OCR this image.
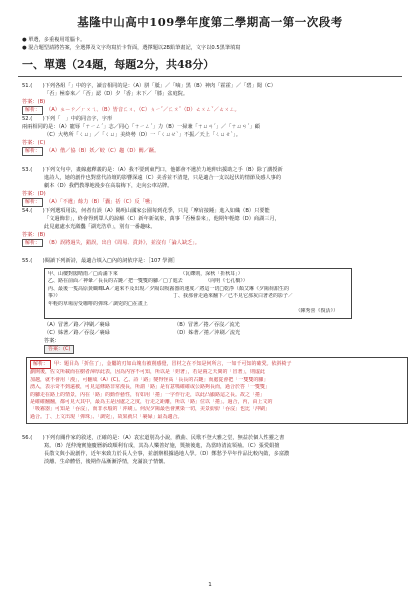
基隆中山高中109學年度第二學期高一第一次段考
● 單選，多重複用電腦卡。
● 混合題型請將答案，全選擇及文字均寫於卡背面，選擇題以2B鉛筆畫記，文字以0.5黑筆填寫
一、單選（24題，每題2分，共48分）
51.(　　)下列各組「」中的字，讀音相同的是：（A）胼「胝」／「嘀」黑（B）神肉「霍霍」／「碧」聞（C）
「否」極泰來／「否」認（D）夕「香」未下／「膝」盆庭院。
答案：(B)
解析： （A）ㄓ－ㄗ／ㄏㄨㄟ、（B）皆音ㄈㄨ、（C）ㄆㄧˇ／ㄈㄡˇ（D）ㄊㄨㄥˇ／ㄊㄨㄥ。
52.(　　)下列「　」中的同音字，字形
兩兩相同的是：（A）寵辱「ㄒㄧㄥˊ」志／同心「ㄒㄧㄥˊ」力（B）一掃兼「ㄒㄩㄢˊ」／「ㄒㄩㄢˊ」顧
（C）大勢所「ㄑㄩ」／「ㄑㄩ」美終勢（D）一「ㄑㄩㄝˋ」不振／天上「ㄑㄩㄝˋ」。
答案：(C)
解析： （A）偕／協（B）妖／蛟（C）趨（D）闕／蹶。
53.(　　)下列文句中，畫線處釋義的是：（A）我不要到東門口，他都會不遺於力地伸出援助之手（B）除了講授新
進詩人，她的創作也對當代詩壇的影響深遠（C）美香並不清楚，只是適合一支以起伏的情節及感人事的
劇本（D）我們教導地漫步在高翁梅下，走向公車站牌。
答案：(D)
解析： （A）「不遺」餘力（B）「囊」括（C）反「嚥」
54.(　　)下列選項用法，何者有誤（A）陽明山國家公園每到花季，只見「摩肩接踵」進入如織（B）只要能
「文過飾非」，終會得到眾人的諒解（C）新年新氣象，萬事「否極泰來」，他期年輕總（D）商湖三月，
此見處處水光瀲灩「湖光浩草」，別有一番趣味。
答案：(B)
解析： （B）誤將過失，錯誤，出自《周易．賁卦》，並沒有「論人缺乏」。
55.(　　)閱讀下列新詩，最適合填入□內的詞依序是：［107 學測］
甲、山樓對閣晴雨／□焉滿下來　　　　　　　　　　　　　（瓦礫則，深秋「折秋耳」）
乙、路在前面／神暈／長長的古鏈／把一雙雙的腳／□了進去　　　　　（向明《七孔橋》）
丙、最後一隻高原黃蝴蝶LA／還來不及出現／夕陽以吸霧器的速度／將這一切□乾淨（顏艾琳《夕陽荷甜生的
事》）　　　　　　　　　　　　　　　　　　　　　　　丁、我那會走過來翻下／已不見它那灰白著老的影子／
年輕的草場房受咖啡的彈珠／調兇的□在畫上
（陳秀喜《復活》）
（A）冒著／路／沖刷／裹碌	（B）冒著／捲／吞沒／流光
（C）姊著／路／吞沒／裹碌	（D）姊著／捲／沖刷／流光
答案：
答案：(C)
解析： 甲：題目為「折住了」，金屬的刃如山塊有被削感覺，冒材之在不知是何所言，一如千可知的確愛。依斜椅子
劃開後，佐文所載而在樹者渾厚此表，因為內容不可知，所以是「妲著」，若是兩之天間的「冒著」，則虛此
加越，就不會用「漫」，可翻成（A）(C)。乙、詩「路」變得怪高「長長的古鏈」而處從會把「一雙雙的腳」
湧入，表示奇不到遠被，可見這條路非常漫長，所謂「路」是有意嗎確確或公路夠長而，過合於答「一雙雙」
的腳走在路上的情景，內在「路」的動作藝性，有如用「捲」一字作行走，以此凸顯路這之長。故之「捲」
是確確翻翻，都可見大其中，最為主是因處之之度，行走之距離，所以「路」位以「捲」。過合，丙，由上文的
「吸霧器」可知是「吞沒」，而非水般的「沖刷」。何況夕陽最色會薰染一切，美景紛紛「吞沒」也比「沖刷」
過合。丁、上文出現「彈珠」、「調兇」，故果就只「裹碌」最為適合。
56.(　　)下列有關作家的敘述，正確的是：（A）袁宏道別為小說，戲曲、民歌不登大雅之堂，無益於個人性靈之書
寫。（B）范仲淹實施慶曆新政順利有成，其為人樂善好施，獎掖後進，為當時清流領袖。（C）張愛娟擅
長散文與小說創作，近年來致力於長人全事，並創辦根據過地人學。（D）鄭愁予早年作品比較內斂，多富濃
淡離、生命體悟，後期作品漸漸浮情，充滿浪子情懷。
1
